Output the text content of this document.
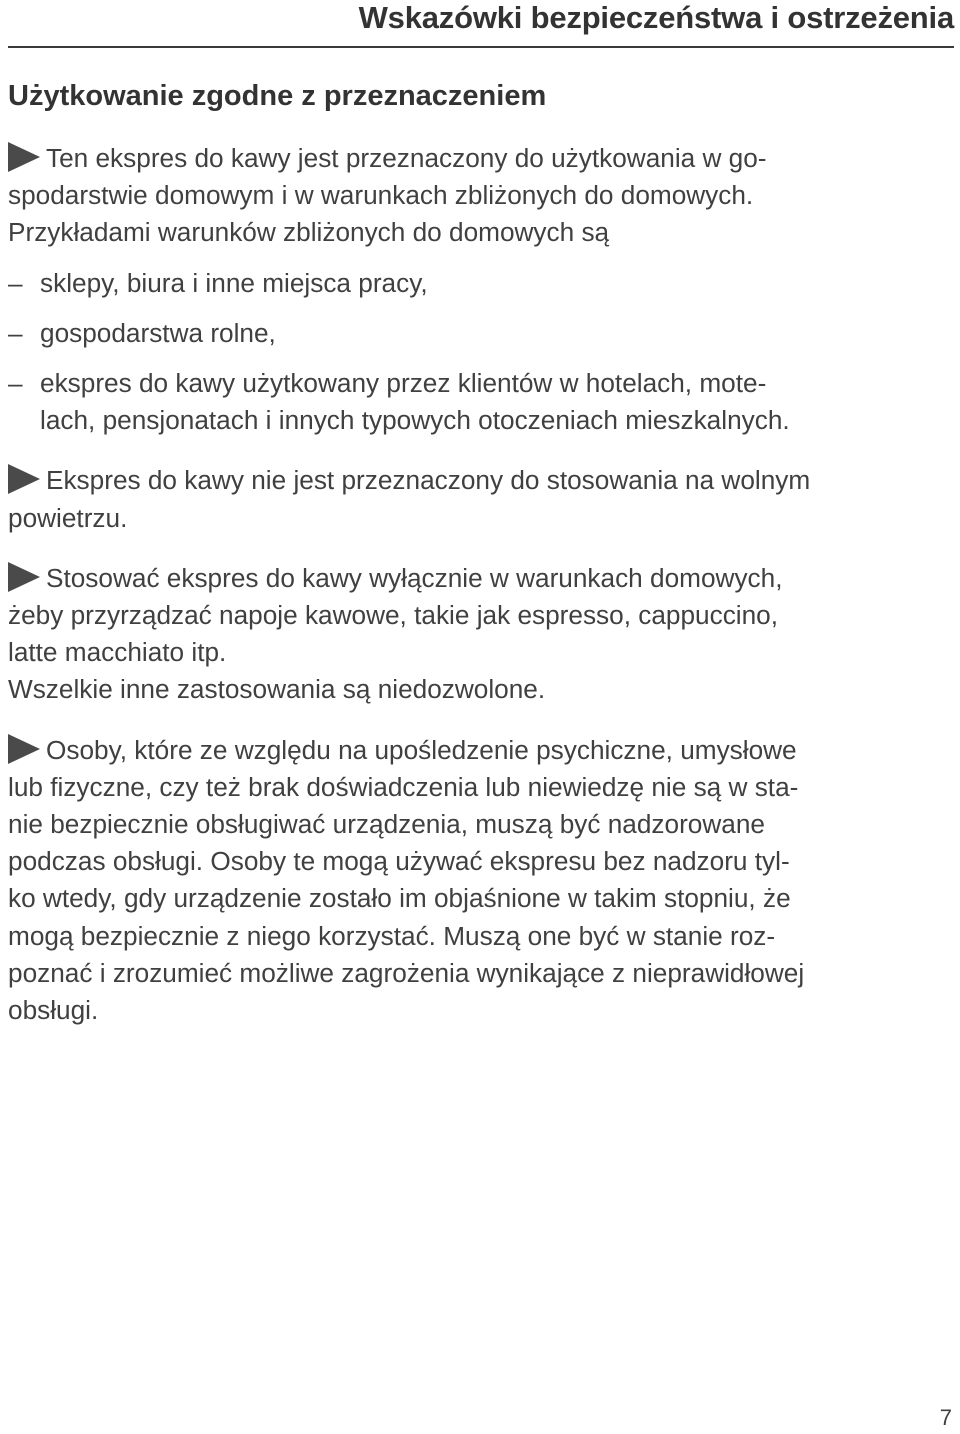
Wskazówki bezpieczeństwa i ostrzeżenia
Użytkowanie zgodne z przeznaczeniem
Ten ekspres do kawy jest przeznaczony do użytkowania w go-
spodarstwie domowym i w warunkach zbliżonych do domowych.
Przykładami warunków zbliżonych do domowych są
– sklepy, biura i inne miejsca pracy,
– gospodarstwa rolne,
– ekspres do kawy użytkowany przez klientów w hotelach, mote-
lach, pensjonatach i innych typowych otoczeniach mieszkalnych.
Ekspres do kawy nie jest przeznaczony do stosowania na wolnym
powietrzu.
Stosować ekspres do kawy wyłącznie w warunkach domowych,
żeby przyrządzać napoje kawowe, takie jak espresso, cappuccino,
latte macchiato itp.
Wszelkie inne zastosowania są niedozwolone.
Osoby, które ze względu na upośledzenie psychiczne, umysłowe
lub fizyczne, czy też brak doświadczenia lub niewiedzę nie są w sta-
nie bezpiecznie obsługiwać urządzenia, muszą być nadzorowane
podczas obsługi. Osoby te mogą używać ekspresu bez nadzoru tyl-
ko wtedy, gdy urządzenie zostało im objaśnione w takim stopniu, że
mogą bezpiecznie z niego korzystać. Muszą one być w stanie roz-
poznać i zrozumieć możliwe zagrożenia wynikające z nieprawidłowej
obsługi.
7
